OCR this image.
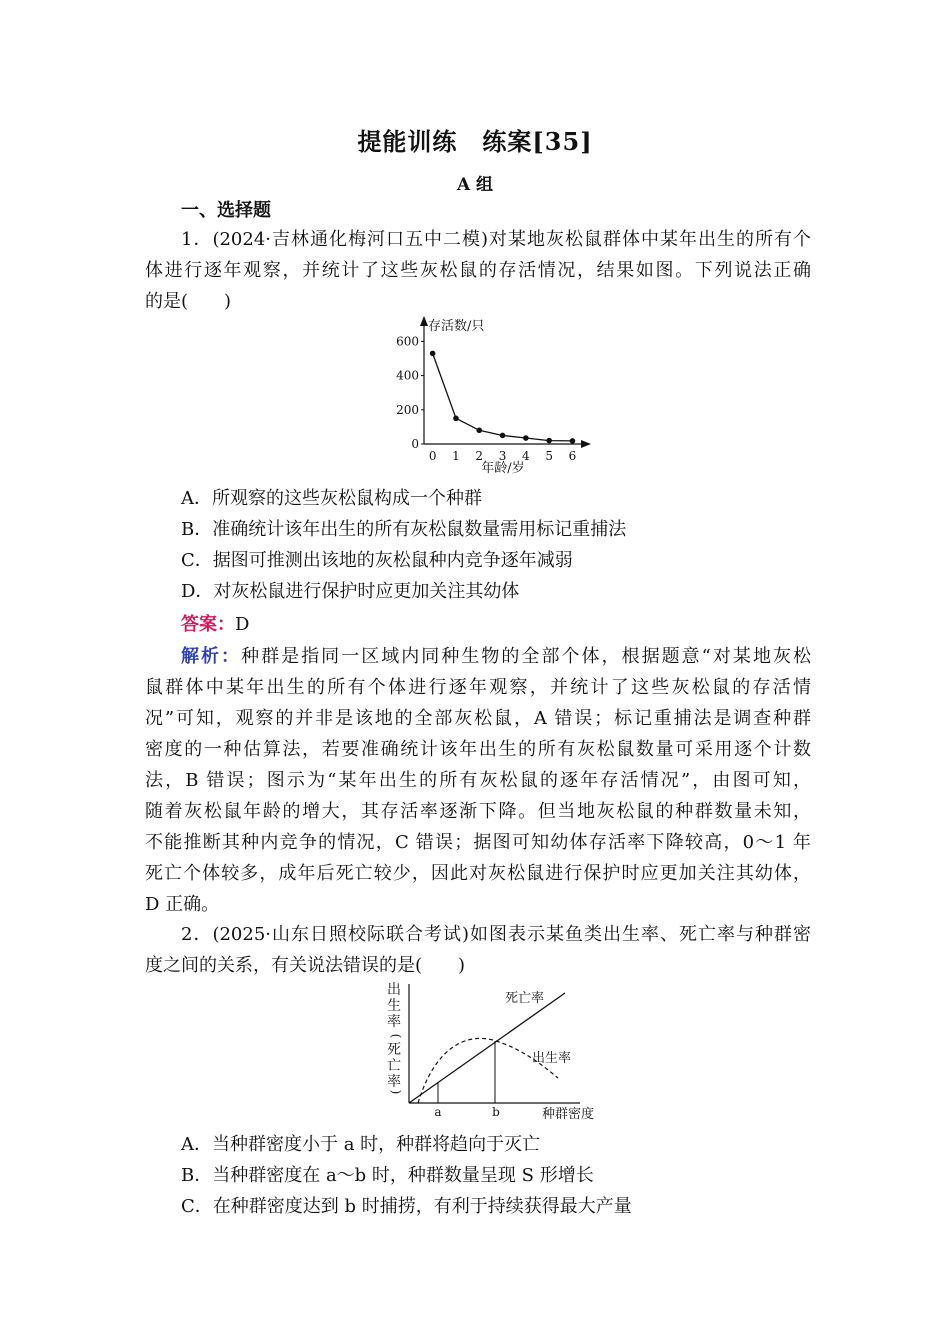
提能训练　练案[35]
A 组
一、选择题
1．(2024·吉林通化梅河口五中二模)对某地灰松鼠群体中某年出生的所有个
体进行逐年观察，并统计了这些灰松鼠的存活情况，结果如图。下列说法正确
的是(　　)
存活数/只
年龄/岁
0
200
400
600
0 1 2 3 4 5 6
A．所观察的这些灰松鼠构成一个种群
B．准确统计该年出生的所有灰松鼠数量需用标记重捕法
C．据图可推测出该地的灰松鼠种内竞争逐年减弱
D．对灰松鼠进行保护时应更加关注其幼体
答案：D
解析：种群是指同一区域内同种生物的全部个体，根据题意“对某地灰松
鼠群体中某年出生的所有个体进行逐年观察，并统计了这些灰松鼠的存活情
况”可知，观察的并非是该地的全部灰松鼠，A 错误；标记重捕法是调查种群
密度的一种估算法，若要准确统计该年出生的所有灰松鼠数量可采用逐个计数
法，B 错误；图示为“某年出生的所有灰松鼠的逐年存活情况”，由图可知，
随着灰松鼠年龄的增大，其存活率逐渐下降。但当地灰松鼠的种群数量未知，
不能推断其种内竞争的情况，C 错误；据图可知幼体存活率下降较高，0～1 年
死亡个体较多，成年后死亡较少，因此对灰松鼠进行保护时应更加关注其幼体，
D 正确。
2．(2025·山东日照校际联合考试)如图表示某鱼类出生率、死亡率与种群密
度之间的关系，有关说法错误的是(　　)
出
生
率
(
死
亡
率
)
a	b	种群密度
死亡率
出生率
A．当种群密度小于 a 时，种群将趋向于灭亡
B．当种群密度在 a～b 时，种群数量呈现 S 形增长
C．在种群密度达到 b 时捕捞，有利于持续获得最大产量
